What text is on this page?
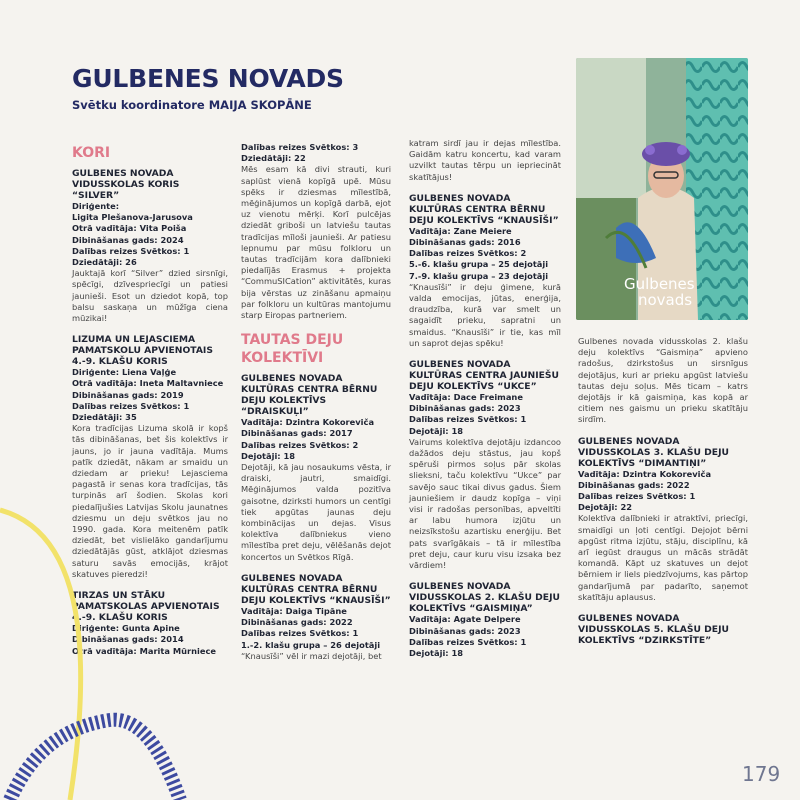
GULBENES NOVADS
Svētku koordinatore MAIJA SKOPĀNE

KORI

GULBENES NOVADA VIDUSSKOLAS KORIS “SILVER”

Diriģente:

Ligita Plešanova-Jarusova

Otrā vadītāja: Vita Poiša

Dibināšanas gads: 2024

Dalības reizes Svētkos: 1

Dziedātāji: 26

Jauktajā korī “Silver” dzied sirsnīgi, spēcīgi, dzīvespriecīgi un patiesi jaunieši. Esot un dziedot kopā, top balsu saskaņa un mūžīga ciena mūzikai!

LIZUMA UN LEJASCIEMA PAMATSKOLU APVIENOTAIS 4.-9. KLAŠU KORIS

Diriģente: Liena Vaļģe

Otrā vadītāja: Ineta Maltavniece

Dibināšanas gads: 2019

Dalības reizes Svētkos: 1

Dziedātāji: 35

Kora tradīcijas Lizuma skolā ir kopš tās dibināšanas, bet šis kolektīvs ir jauns, jo ir jauna vadītāja. Mums patīk dziedāt, nākam ar smaidu un dziedam ar prieku! Lejasciema pagastā ir senas kora tradīcijas, tās turpinās arī šodien. Skolas kori piedalījušies Latvijas Skolu jaunatnes dziesmu un deju svētkos jau no 1990. gada. Kora meitenēm patīk dziedāt, bet vislielāko gandarījumu dziedātājās gūst, atklājot dziesmas saturu savās emocijās, krājot skatuves pieredzi!

TIRZAS UN STĀKU PAMATSKOLAS APVIENOTAIS 4.-9. KLAŠU KORIS

Diriģente: Gunta Apine

Dibināšanas gads: 2014

Otrā vadītāja: Marita Mūrniece

Dalības reizes Svētkos: 3

Dziedātāji: 22

Mēs esam kā divi strauti, kuri saplūst vienā kopīgā upē. Mūsu spēks ir dziesmas mīlestībā, mēģinājumos un kopīgā darbā, ejot uz vienotu mērķi. Korī pulcējas dziedāt griboši un latviešu tautas tradīcijas mīloši jaunieši. Ar patiesu lepnumu par mūsu folkloru un tautas tradīcijām kora dalībnieki piedalījās Erasmus + projekta “CommuSICation” aktivitātēs, kuras bija vērstas uz zināšanu apmaiņu par folkloru un kultūras mantojumu starp Eiropas partneriem.

TAUTAS DEJU KOLEKTĪVI

GULBENES NOVADA KULTŪRAS CENTRA BĒRNU DEJU KOLEKTĪVS “DRAISKUĻI”

Vadītāja: Dzintra Kokoreviča

Dibināšanas gads: 2017

Dalības reizes Svētkos: 2

Dejotāji: 18

Dejotāji, kā jau nosaukums vēsta, ir draiski, jautri, smaidīgi. Mēģinājumos valda pozitīva gaisotne, dzirksti humors un centīgi tiek apgūtas jaunas deju kombinācijas un dejas. Visus kolektīva dalībniekus vieno mīlestība pret deju, vēlēšanās dejot koncertos un Svētkos Rīgā.

GULBENES NOVADA KULTŪRAS CENTRA BĒRNU DEJU KOLEKTĪVS “KNAUSĪŠI”

Vadītāja: Daiga Tipāne

Dibināšanas gads: 2022

Dalības reizes Svētkos: 1

1.-2. klašu grupa – 26 dejotāji

“Knausīši” vēl ir mazi dejotāji, bet

katram sirdī jau ir dejas mīlestība. Gaidām katru koncertu, kad varam uzvilkt tautas tērpu un iepriecināt skatītājus!

GULBENES NOVADA KULTŪRAS CENTRA BĒRNU DEJU KOLEKTĪVS “KNAUSĪŠI”

Vadītāja: Zane Meiere

Dibināšanas gads: 2016

Dalības reizes Svētkos: 2

5.-6. klašu grupa – 25 dejotāji

7.-9. klašu grupa – 23 dejotāji

“Knausīši” ir deju ģimene, kurā valda emocijas, jūtas, enerģija, draudzība, kurā var smelt un sagaidīt prieku, sapratni un smaidus. “Knausīši” ir tie, kas mīl un saprot dejas spēku!

GULBENES NOVADA KULTŪRAS CENTRA JAUNIEŠU DEJU KOLEKTĪVS “UKCE”

Vadītāja: Dace Freimane

Dibināšanas gads: 2023

Dalības reizes Svētkos: 1

Dejotāji: 18

Vairums kolektīva dejotāju izdancoо dažādos deju stāstus, jau kopš spēruši pirmos soļus pār skolas slieksni, taču kolektīvu “Ukce” par savējo sauc tikai divus gadus. Šiem jauniešiem ir daudz kopīga – viņi visi ir radošas personības, apveltīti ar labu humora izjūtu un neizsīkstošu azartisku enerģiju. Bet pats svarīgākais – tā ir mīlestība pret deju, caur kuru visu izsaka bez vārdiem!

GULBENES NOVADA VIDUSSKOLAS 2. KLAŠU DEJU KOLEKTĪVS “GAISMIŅA”

Vadītāja: Agate Delpere

Dibināšanas gads: 2023

Dalības reizes Svētkos: 1

Dejotāji: 18

Gulbenes novada vidusskolas 2. klašu deju kolektīvs “Gaismiņa” apvieno radošus, dzirkstošus un sirsnīgus dejotājus, kuri ar prieku apgūst latviešu tautas deju soļus. Mēs ticam – katrs dejotājs ir kā gaismiņa, kas kopā ar citiem nes gaismu un prieku skatītāju sirdīm.

GULBENES NOVADA VIDUSSKOLAS 3. KLAŠU DEJU KOLEKTĪVS “DIMANTIŅI”

Vadītāja: Dzintra Kokoreviča

Dibināšanas gads: 2022

Dalības reizes Svētkos: 1

Dejotāji: 22

Kolektīva dalībnieki ir atraktīvi, priecīgi, smaidīgi un ļoti centīgi. Dejojot bērni apgūst ritma izjūtu, stāju, disciplīnu, kā arī iegūst draugus un mācās strādāt komandā. Kāpt uz skatuves un dejot bērniem ir liels piedzīvojums, kas pārtop gandarījumā par padarīto, saņemot skatītāju aplausus.

GULBENES NOVADA VIDUSSKOLAS 5. KLAŠU DEJU KOLEKTĪVS “DZIRKSTĪTE”

Gulbenes
novads
179
